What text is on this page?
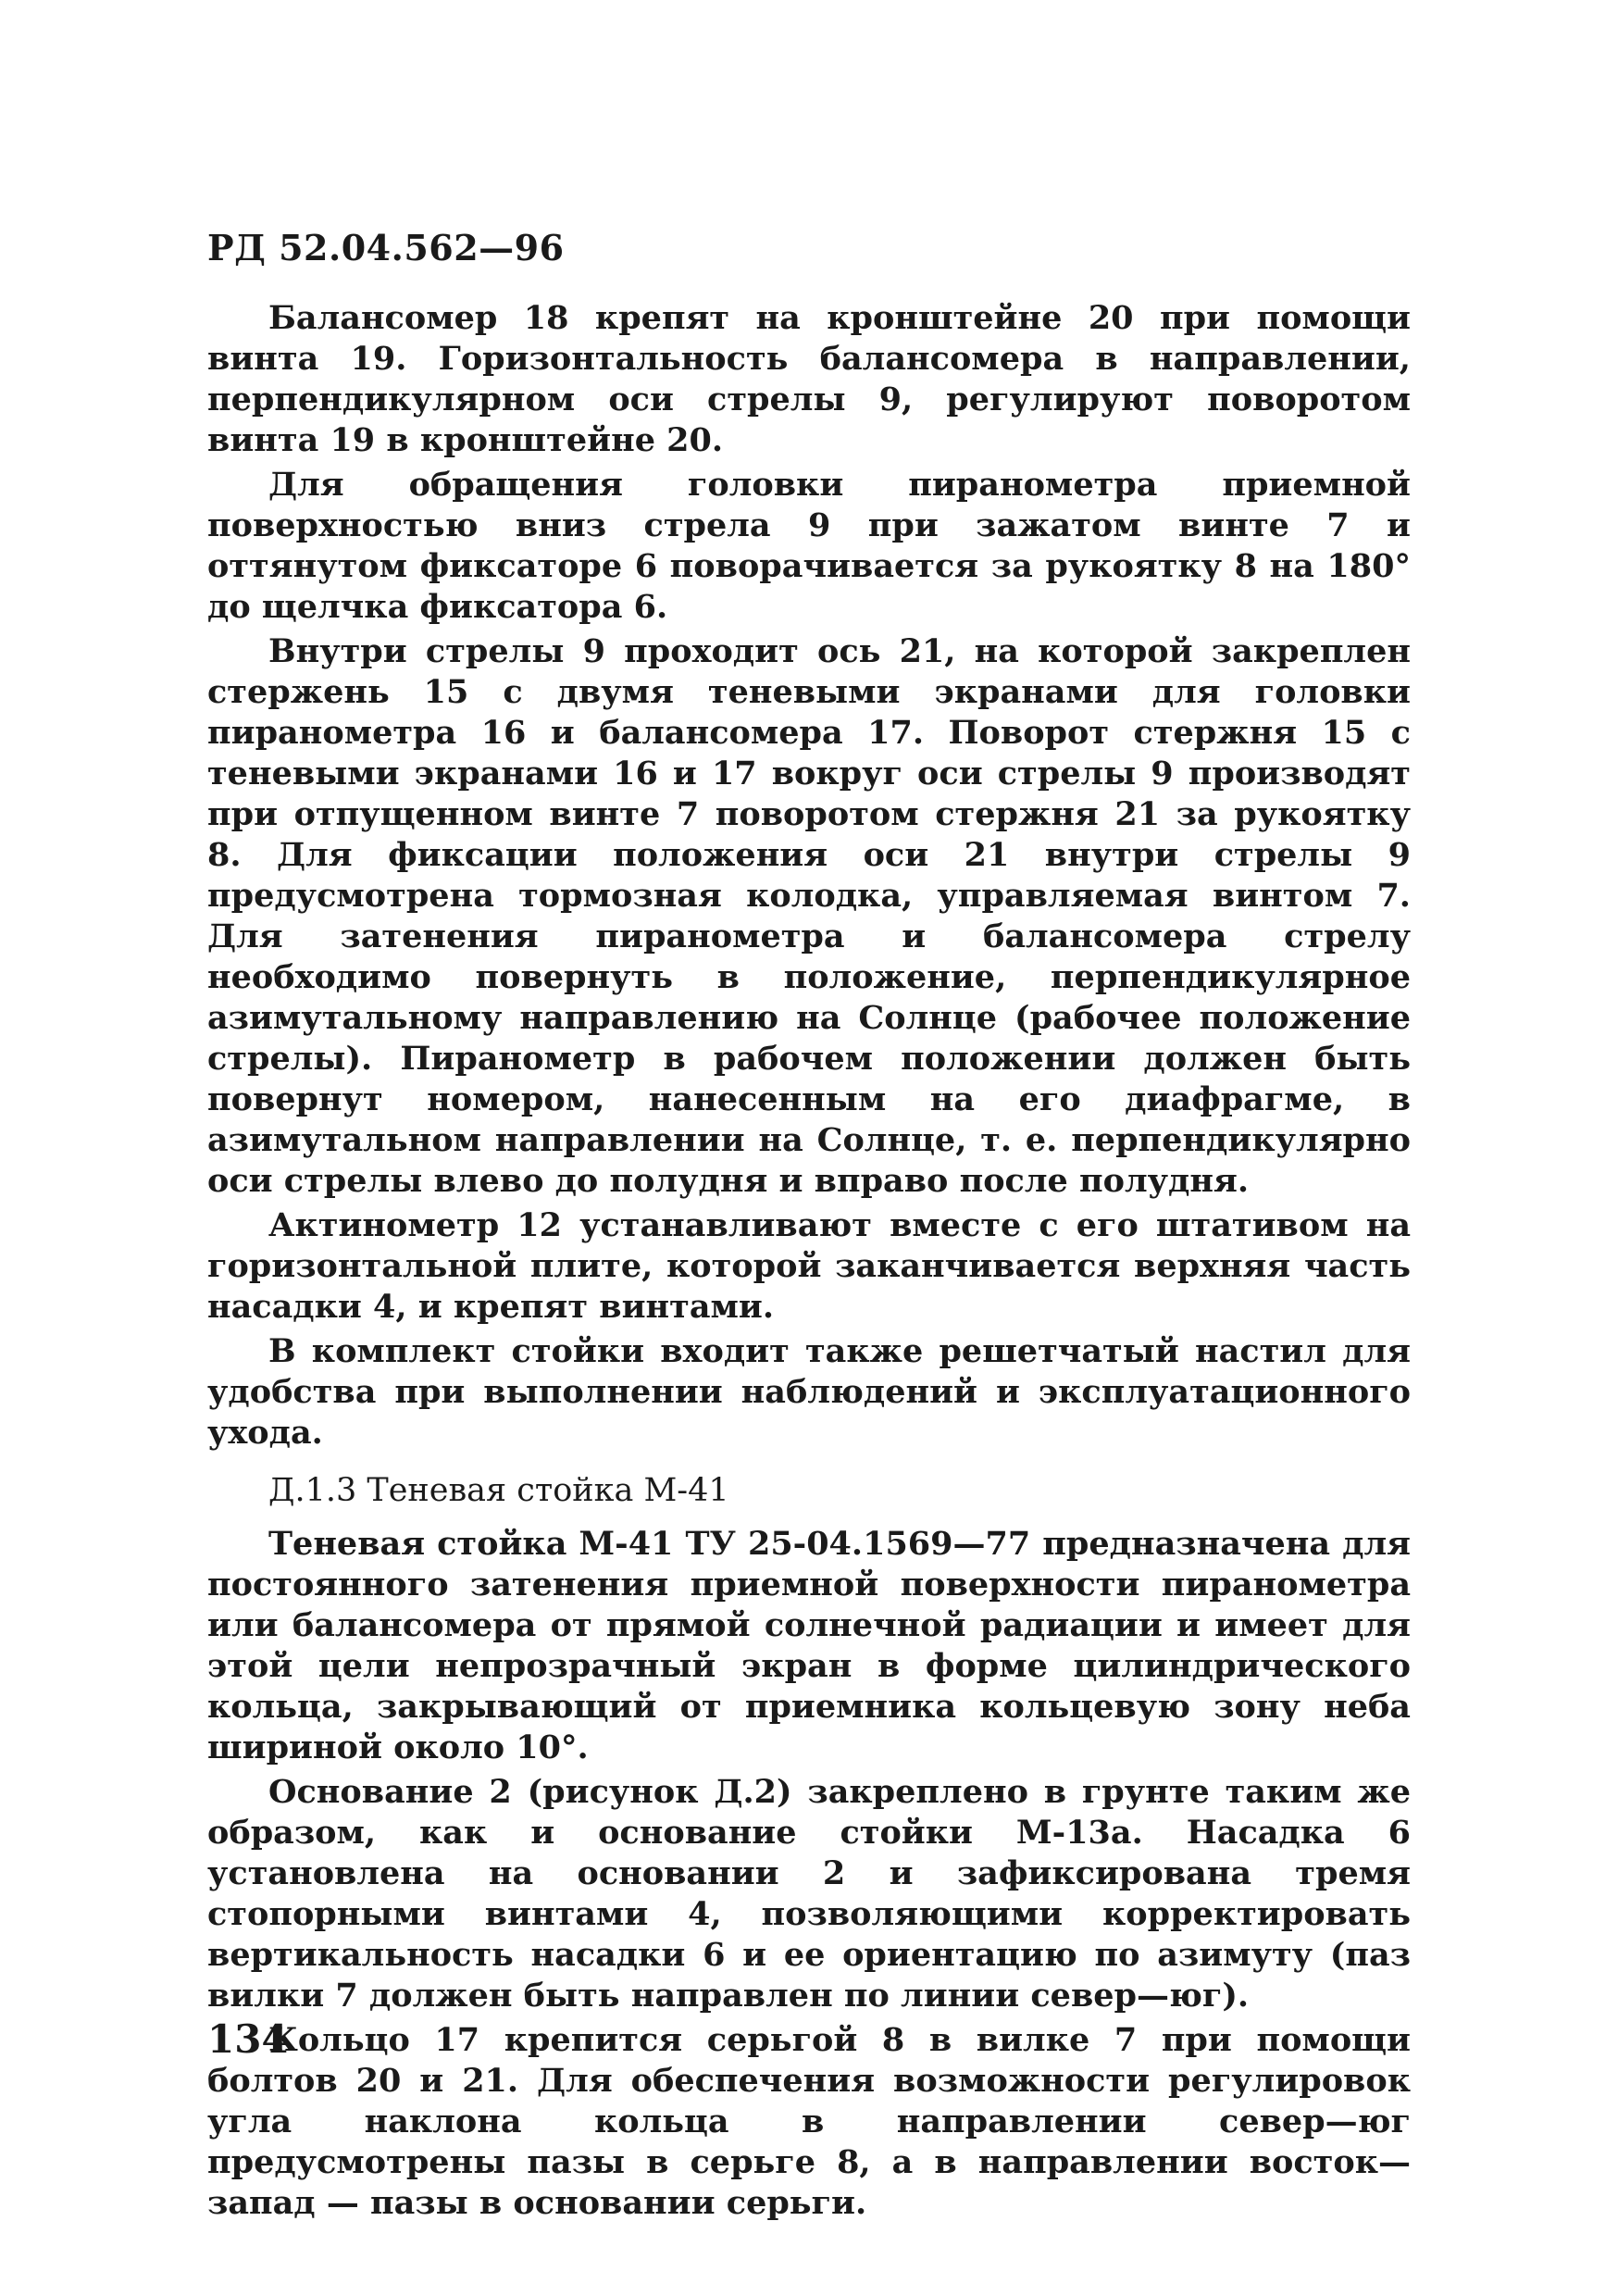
РД 52.04.562—96

Балансомер 18 крепят на кронштейне 20 при помощи винта 19. Горизонтальность балансомера в направлении, перпендикулярном оси стрелы 9, регулируют поворотом винта 19 в кронштейне 20.

Для обращения головки пиранометра приемной поверхностью вниз стрела 9 при зажатом винте 7 и оттянутом фиксаторе 6 поворачивается за рукоятку 8 на 180° до щелчка фиксатора 6.

Внутри стрелы 9 проходит ось 21, на которой закреплен стержень 15 с двумя теневыми экранами для головки пиранометра 16 и балансомера 17. Поворот стержня 15 с теневыми экранами 16 и 17 вокруг оси стрелы 9 производят при отпущенном винте 7 поворотом стержня 21 за рукоятку 8. Для фиксации положения оси 21 внутри стрелы 9 предусмотрена тормозная колодка, управляемая винтом 7. Для затенения пиранометра и балансомера стрелу необходимо повернуть в положение, перпендикулярное азимутальному направлению на Солнце (рабочее положение стрелы). Пиранометр в рабочем положении должен быть повернут номером, нанесенным на его диафрагме, в азимутальном направлении на Солнце, т. е. перпендикулярно оси стрелы влево до полудня и вправо после полудня.

Актинометр 12 устанавливают вместе с его штативом на горизонтальной плите, которой заканчивается верхняя часть насадки 4, и крепят винтами.

В комплект стойки входит также решетчатый настил для удобства при выполнении наблюдений и эксплуатационного ухода.

Д.1.3 Теневая стойка М-41

Теневая стойка М-41 ТУ 25-04.1569—77 предназначена для постоянного затенения приемной поверхности пиранометра или балансомера от прямой солнечной радиации и имеет для этой цели непрозрачный экран в форме цилиндрического кольца, закрывающий от приемника кольцевую зону неба шириной около 10°.

Основание 2 (рисунок Д.2) закреплено в грунте таким же образом, как и основание стойки М-13а. Насадка 6 установлена на основании 2 и зафиксирована тремя стопорными винтами 4, позволяющими корректировать вертикальность насадки 6 и ее ориентацию по азимуту (паз вилки 7 должен быть направлен по линии север—юг).

Кольцо 17 крепится серьгой 8 в вилке 7 при помощи болтов 20 и 21. Для обеспечения возможности регулировок угла наклона кольца в направлении север—юг предусмотрены пазы в серьге 8, а в направлении восток—запад — пазы в основании серьги.

134
